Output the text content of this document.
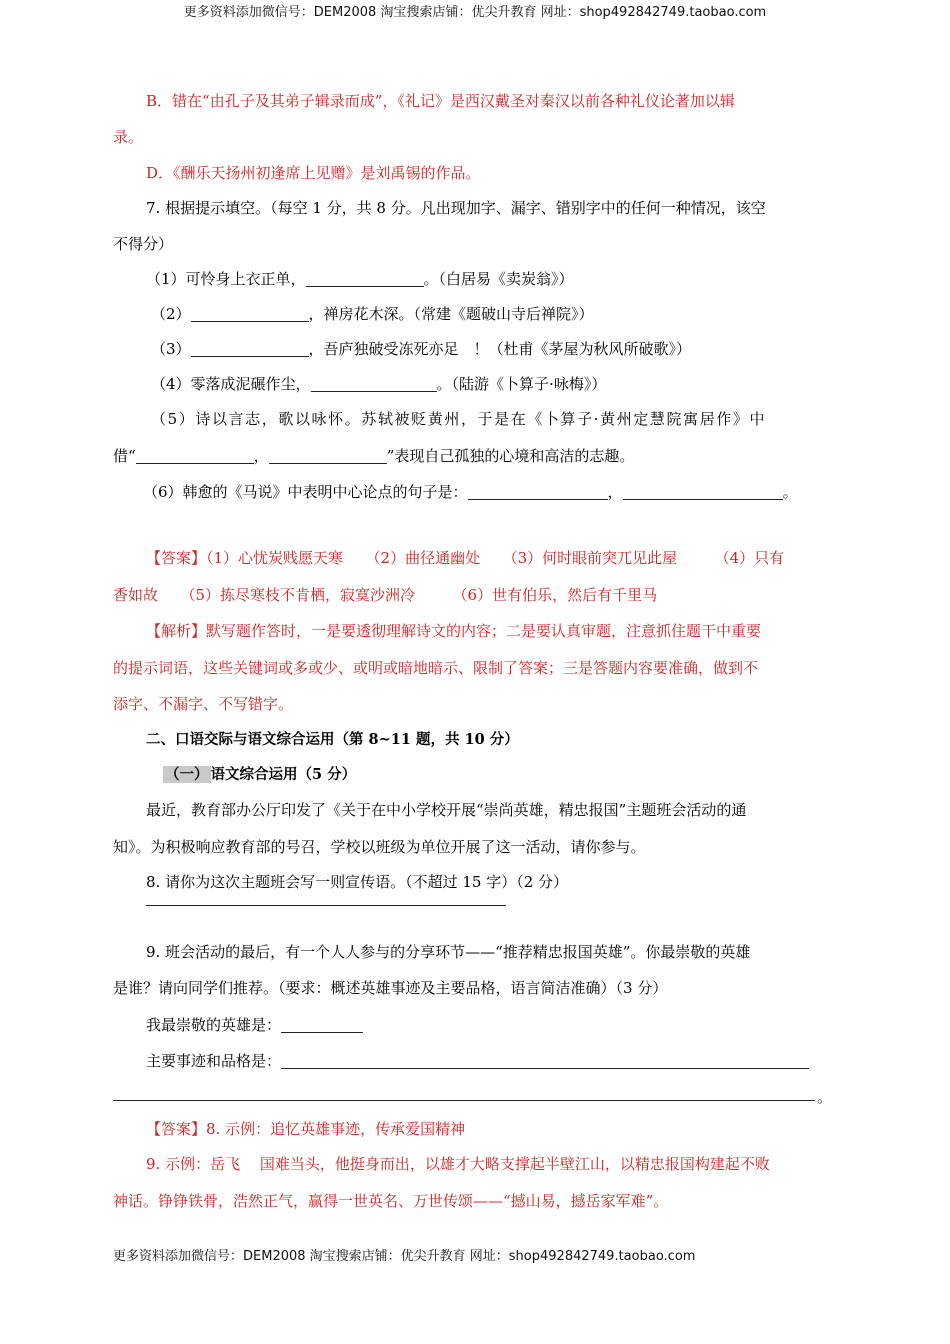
更多资料添加微信号：DEM2008 淘宝搜索店铺：优尖升教育 网址：shop492842749.taobao.com

B．错在“由孔子及其弟子辑录而成”，《礼记》是西汉戴圣对秦汉以前各种礼仪论著加以辑

录。

D．《酬乐天扬州初逢席上见赠》是刘禹锡的作品。

7. 根据提示填空。（每空 1 分，共 8 分。凡出现加字、漏字、错别字中的任何一种情况，该空

不得分）

（1）可怜身上衣正单，	。（白居易《卖炭翁》）

（2）	，禅房花木深。（常建《题破山寺后禅院》）

（3）	，吾庐独破受冻死亦足　！（杜甫《茅屋为秋风所破歌》）

（4）零落成泥碾作尘，	。（陆游《卜算子·咏梅》）

（5）诗以言志，歌以咏怀。苏轼被贬黄州，于是在《卜算子·黄州定慧院寓居作》中

借“	，	”表现自己孤独的心境和高洁的志趣。

（6）韩愈的《马说》中表明中心论点的句子是：	，	。

【答案】（1）心忧炭贱愿天寒　　（2）曲径通幽处　　（3）何时眼前突兀见此屋　　　（4）只有

香如故　　（5）拣尽寒枝不肯栖，寂寞沙洲冷　　　（6）世有伯乐，然后有千里马

【解析】默写题作答时，一是要透彻理解诗文的内容；二是要认真审题，注意抓住题干中重要

的提示词语，这些关键词或多或少、或明或暗地暗示、限制了答案；三是答题内容要准确，做到不

添字、不漏字、不写错字。

二、口语交际与语文综合运用（第 8~11 题，共 10 分）

（一） 语文综合运用（5 分）

最近，教育部办公厅印发了《关于在中小学校开展“崇尚英雄，精忠报国”主题班会活动的通

知》。为积极响应教育部的号召，学校以班级为单位开展了这一活动，请你参与。

8. 请你为这次主题班会写一则宣传语。（不超过 15 字）（2 分）

9. 班会活动的最后，有一个人人参与的分享环节——“推荐精忠报国英雄”。你最崇敬的英雄

是谁？请向同学们推荐。（要求：概述英雄事迹及主要品格，语言简洁准确）（3 分）

我最崇敬的英雄是：

主要事迹和品格是：

。

【答案】8. 示例：追忆英雄事迹，传承爱国精神

9. 示例：岳飞　 国难当头，他挺身而出，以雄才大略支撑起半壁江山，以精忠报国构建起不败

神话。铮铮铁骨，浩然正气，赢得一世英名、万世传颂——“撼山易，撼岳家军难”。

更多资料添加微信号：DEM2008 淘宝搜索店铺：优尖升教育 网址：shop492842749.taobao.com
